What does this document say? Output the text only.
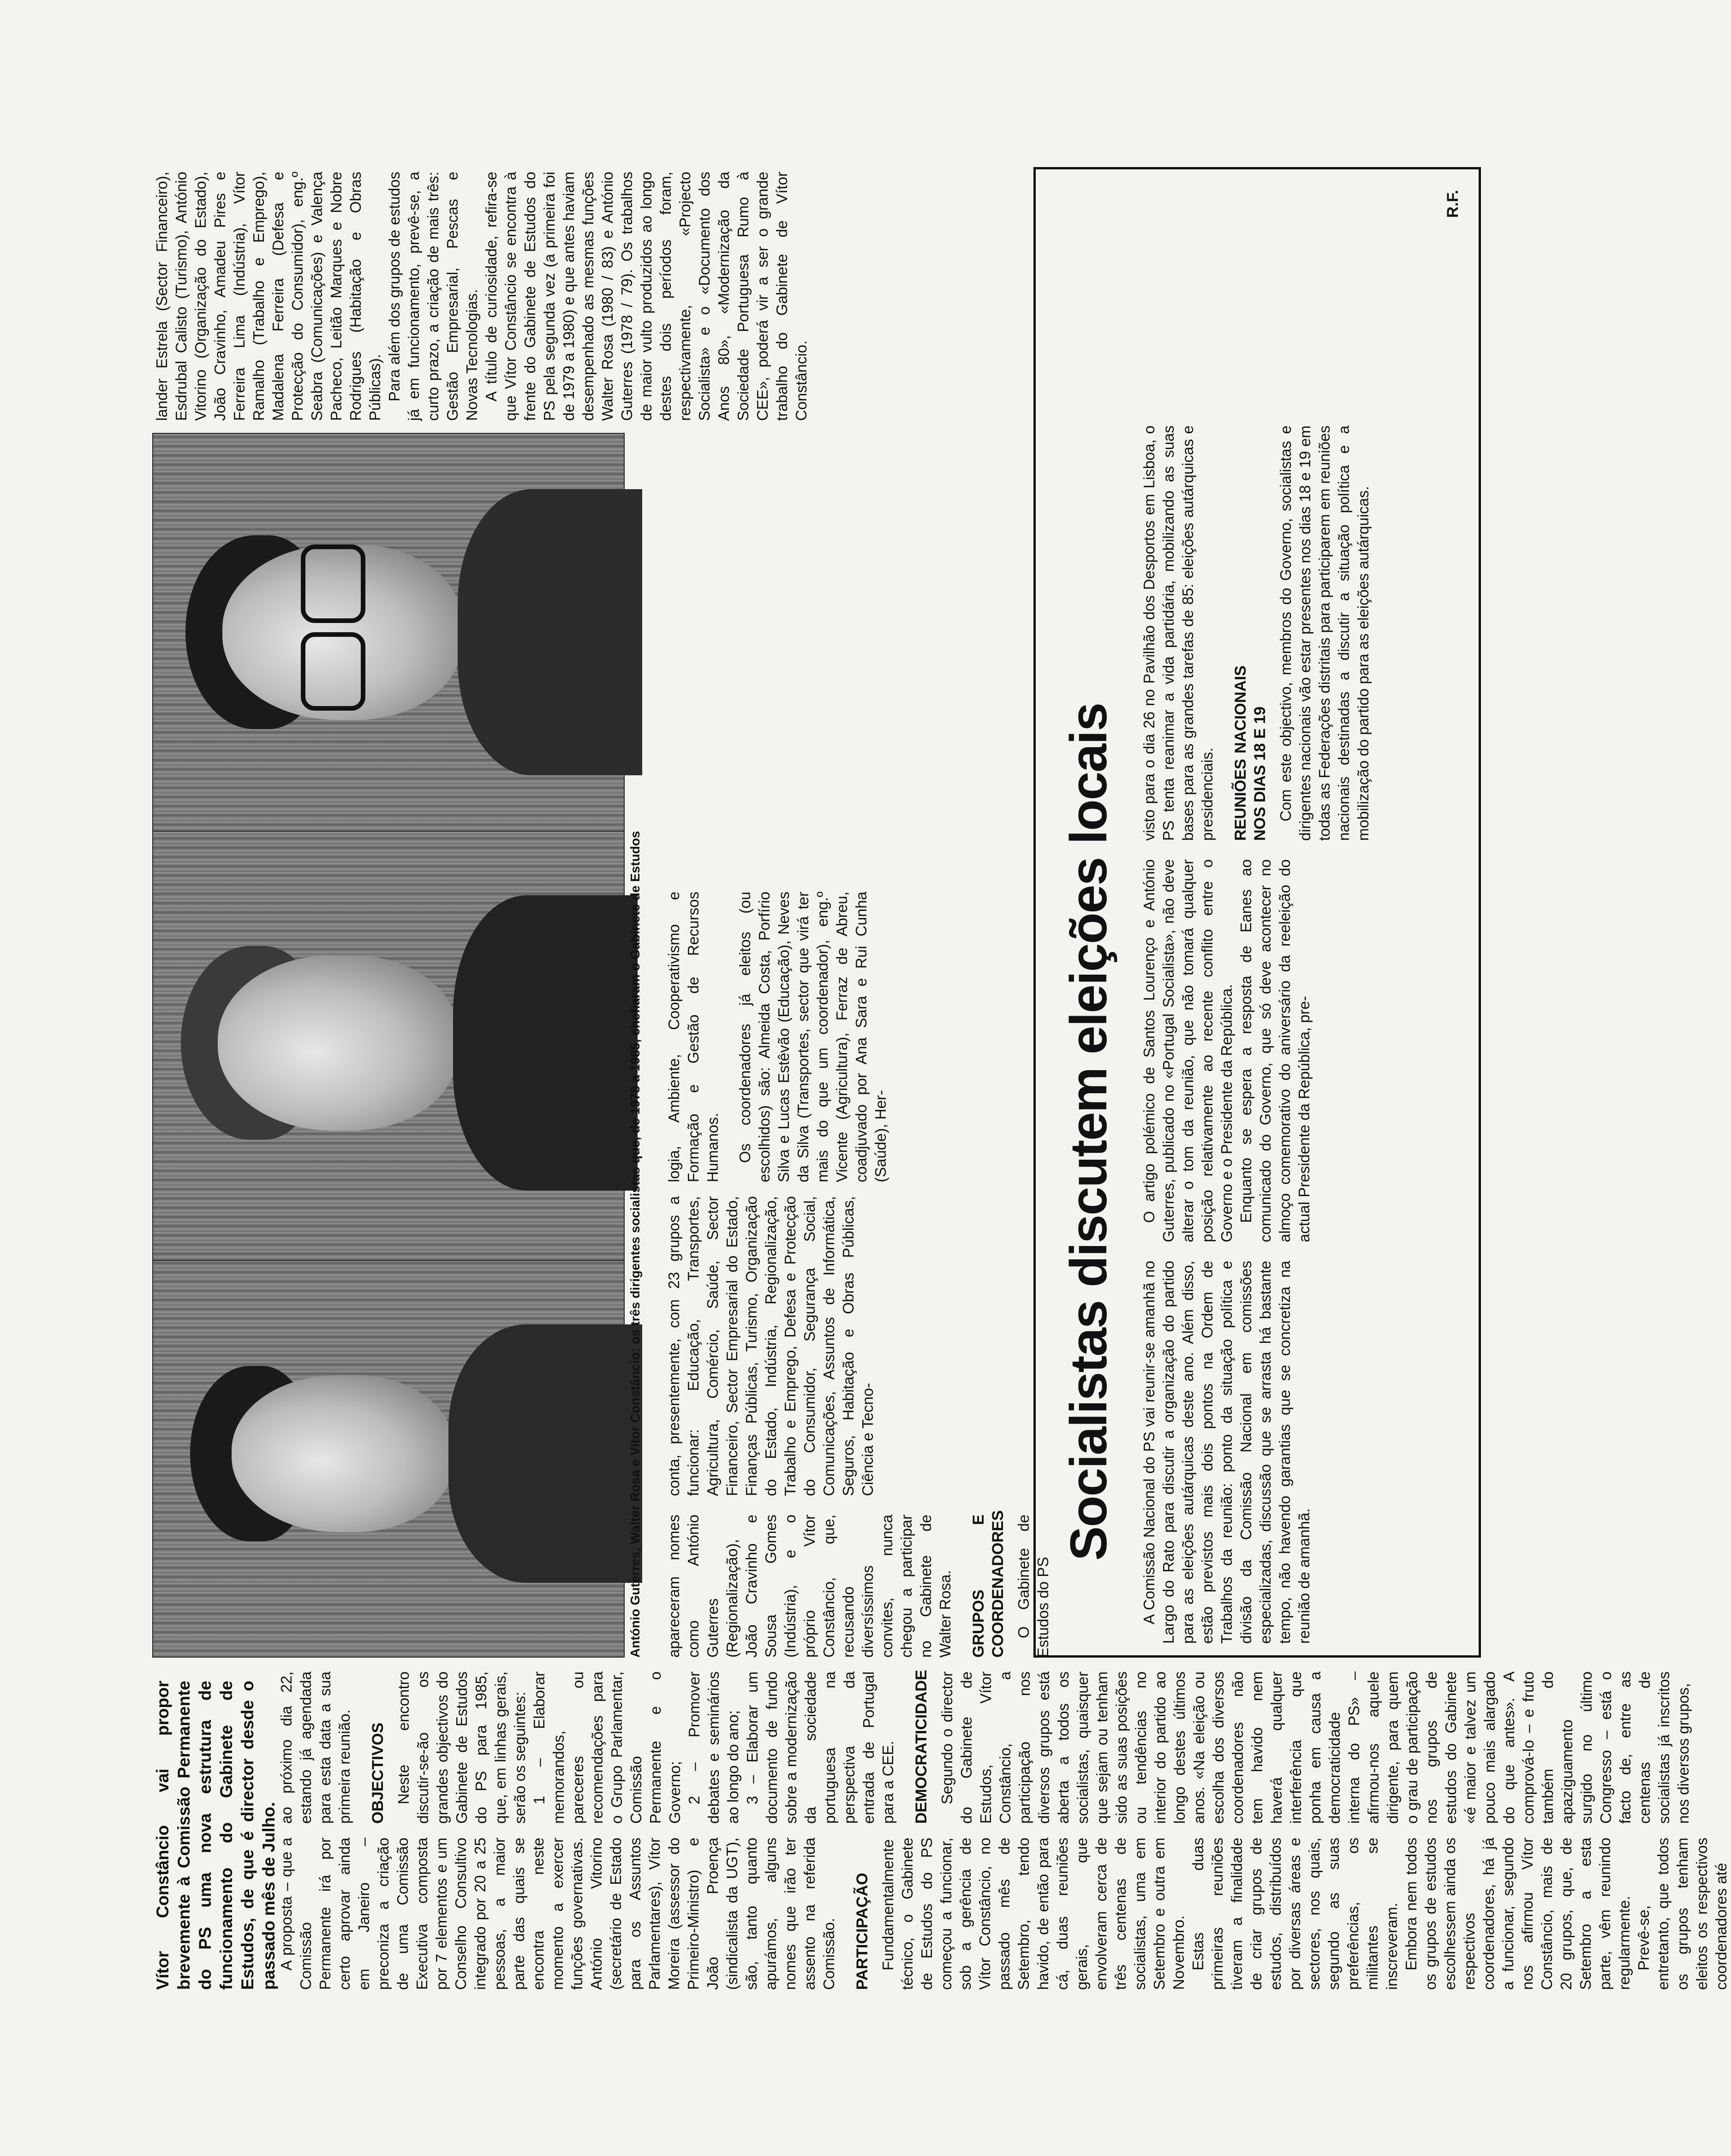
Vítor Constâncio vai propor brevemente à Comissão Permanente do PS uma nova estrutura de funcionamento do Gabinete de Estudos, de que é director desde o passado mês de Julho. A proposta – que a Comissão Permanente irá por certo aprovar ainda em Janeiro – preconiza a criação de uma Comissão Executiva composta por 7 elementos e um Conselho Consultivo integrado por 20 a 25 pessoas, a maior parte das quais se encontra neste momento a exercer funções governativas. António Vitorino (secretário de Estado para os Assuntos Parlamentares), Vítor Moreira (assessor do Primeiro-Ministro) e João Proença (sindicalista da UGT), são, tanto quanto apurámos, alguns nomes que irão ter assento na referida Comissão. PARTICIPAÇÃO Fundamentalmente técnico, o Gabinete de Estudos do PS começou a funcionar, sob a gerência de Vítor Constâncio, no passado mês de Setembro, tendo havido, de então para cá, duas reuniões gerais, que envolveram cerca de três centenas de socialistas, uma em Setembro e outra em Novembro. Estas duas primeiras reuniões tiveram a finalidade de criar grupos de estudos, distribuídos por diversas áreas e sectores, nos quais, segundo as suas preferências, os militantes se inscreveram. Embora nem todos os grupos de estudos escolhessem ainda os respectivos coordenadores, há já a funcionar, segundo nos afirmou Vítor Constâncio, mais de 20 grupos, que, de Setembro a esta parte, vêm reunindo regularmente. Prevê-se, entretanto, que todos os grupos tenham eleitos os respectivos coordenadores até

ao próximo dia 22, estando já agendada para esta data a sua primeira reunião. OBJECTIVOS Neste encontro discutir-se-ão os grandes objectivos do Gabinete de Estudos do PS para 1985, que, em linhas gerais, serão os seguintes: 1 – Elaborar memorandos, pareceres ou recomendações para o Grupo Parlamentar, Comissão Permanente e o Governo; 2 – Promover debates e seminários ao longo do ano; 3 – Elaborar um documento de fundo sobre a modernização da sociedade portuguesa na perspectiva da entrada de Portugal para a CEE. DEMOCRATICIDADE Segundo o director do Gabinete de Estudos, Vítor Constâncio, a participação nos diversos grupos está aberta a todos os socialistas, quaisquer que sejam ou tenham sido as suas posições ou tendências no interior do partido ao longo destes últimos anos. «Na eleição ou escolha dos diversos coordenadores não tem havido nem haverá qualquer interferência que ponha em causa a democraticidade interna do PS» – afirmou-nos aquele dirigente, para quem o grau de participação nos grupos de estudos do Gabinete «é maior e talvez um pouco mais alargado do que antes». A comprová-lo – e fruto também do apaziguamento surgido no último Congresso – está o facto de, entre as centenas de socialistas já inscritos nos diversos grupos,

António Guterres, Walter Rosa e Vítor Constâncio: os três dirigentes socialistas que, de 1978 a 1985, chefiaram o Gabinete de Estudos apareceram nomes como António Guterres (Regionalização), João Cravinho e Sousa Gomes (Indústria), e o próprio Vítor Constâncio, que, recusando diversíssimos convites, nunca chegou a participar no Gabinete de Walter Rosa. GRUPOS E COORDENADORES O Gabinete de Estudos do PS

conta, presentemente, com 23 grupos a funcionar: Educação, Transportes, Agricultura, Comércio, Saúde, Sector Financeiro, Sector Empresarial do Estado, Finanças Públicas, Turismo, Organização do Estado, Indústria, Regionalização, Trabalho e Emprego, Defesa e Protecção do Consumidor, Segurança Social, Comunicações, Assuntos de Informática, Seguros, Habitação e Obras Públicas, Ciência e Tecno-

logia, Ambiente, Cooperativismo e Formação e Gestão de Recursos Humanos. Os coordenadores já eleitos (ou escolhidos) são: Almeida Costa, Porfírio Silva e Lucas Estêvão (Educação), Neves da Silva (Transportes, sector que virá ter mais do que um coordenador), eng.º Vicente (Agricultura), Ferraz de Abreu, coadjuvado por Ana Sara e Rui Cunha (Saúde), Her-

lander Estrela (Sector Financeiro), Esdrubal Calisto (Turismo), António Vitorino (Organização do Estado), João Cravinho, Amadeu Pires e Ferreira Lima (Indústria), Vítor Ramalho (Trabalho e Emprego), Madalena Ferreira (Defesa e Protecção do Consumidor), eng.º Seabra (Comunicações) e Valença Pacheco, Leitão Marques e Nobre Rodrigues (Habitação e Obras Públicas). Para além dos grupos de estudos já em funcionamento, prevê-se, a curto prazo, a criação de mais três: Gestão Empresarial, Pescas e Novas Tecnologias. A título de curiosidade, refira-se que Vítor Constâncio se encontra à frente do Gabinete de Estudos do PS pela segunda vez (a primeira foi de 1979 a 1980) e que antes haviam desempenhado as mesmas funções Walter Rosa (1980 / 83) e António Guterres (1978 / 79). Os trabalhos de maior vulto produzidos ao longo destes dois períodos foram, respectivamente, «Projecto Socialista» e o «Documento dos Anos 80», «Modernização da Sociedade Portuguesa Rumo à CEE», poderá vir a ser o grande trabalho do Gabinete de Vítor Constâncio.

Socialistas discutem eleições locais A Comissão Nacional do PS vai reunir-se amanhã no Largo do Rato para discutir a organização do partido para as eleições autárquicas deste ano. Além disso, estão previstos mais dois pontos na Ordem de Trabalhos da reunião: ponto da situação política e divisão da Comissão Nacional em comissões especializadas, discussão que se arrasta há bastante tempo, não havendo garantias que se concretiza na reunião de amanhã.

O artigo polémico de Santos Lourenço e António Guterres, publicado no «Portugal Socialista», não deve alterar o tom da reunião, que não tomará qualquer posição relativamente ao recente conflito entre o Governo e o Presidente da República. Enquanto se espera a resposta de Eanes ao comunicado do Governo, que só deve acontecer no almoço comemorativo do aniversário da reeleição do actual Presidente da República, pre-

visto para o dia 26 no Pavilhão dos Desportos em Lisboa, o PS tenta reanimar a vida partidária, mobilizando as suas bases para as grandes tarefas de 85: eleições autárquicas e presidenciais. REUNIÕES NACIONAIS NOS DIAS 18 E 19 Com este objectivo, membros do Governo, socialistas e dirigentes nacionais vão estar presentes nos dias 18 e 19 em todas as Federações distritais para participarem em reuniões nacionais destinadas a discutir a situação política e a mobilização do partido para as eleições autárquicas.

R.F.
